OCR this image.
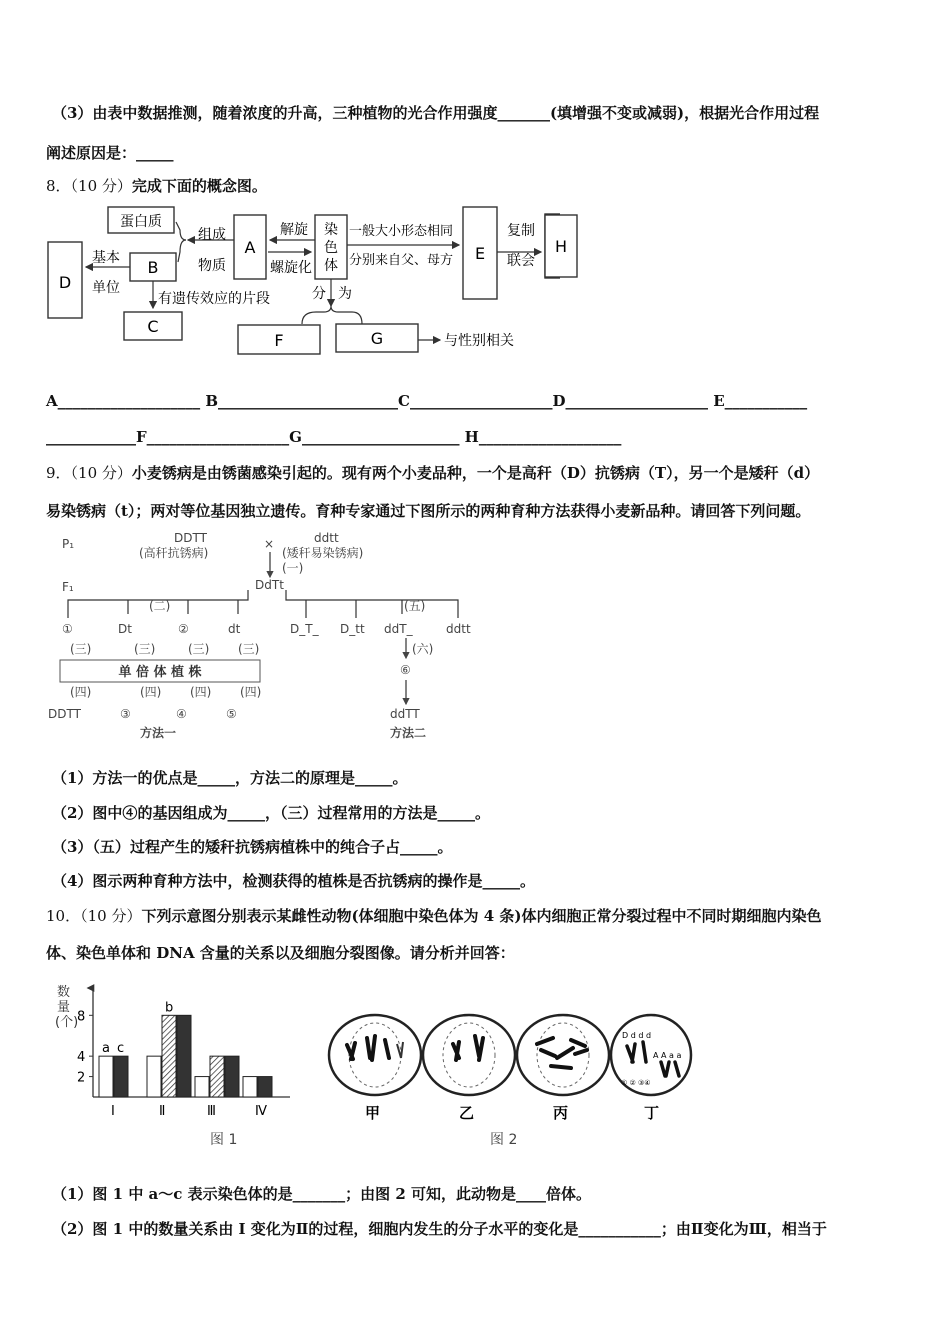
（3）由表中数据推测，随着浓度的升高，三种植物的光合作用强度_______(填增强不变或减弱)，根据光合作用过程
阐述原因是：_____
8．（10 分）完成下面的概念图。
D
蛋白质
B
C
A
染
色
体
E
F	G
组成
物质
基本
单位
有遗传效应的片段
解旋
螺旋化
一般大小形态相同
分别来自父、母方
复制
联会
分 为
与性别相关
H
A___________________ B________________________C___________________D___________________ E___________
____________F___________________G_____________________ H___________________
9．（10 分）小麦锈病是由锈菌感染引起的。现有两个小麦品种，一个是高秆（D）抗锈病（T），另一个是矮秆（d）
易染锈病（t）；两对等位基因独立遗传。育种专家通过下图所示的两种育种方法获得小麦新品种。请回答下列问题。
P₁
F₁
DDTT
(高秆抗锈病)
×	ddtt
(矮秆易染锈病)
(一)
DdTt
(二)
①	Dt	②	dt
(三)	(三)	(三) (三)
单 倍 体 植 株
(四)	(四) (四) (四)
DDTT	③	④	⑤
方法一
(五)
D_T_ D_tt ddT_	ddtt
(六)
⑥
ddTT
方法二
（1）方法一的优点是_____，方法二的原理是_____。
（2）图中④的基因组成为_____，（三）过程常用的方法是_____。
（3）（五）过程产生的矮秆抗锈病植株中的纯合子占_____。
（4）图示两种育种方法中，检测获得的植株是否抗锈病的操作是_____。
10．（10 分）下列示意图分别表示某雌性动物(体细胞中染色体为 4 条)体内细胞正常分裂过程中不同时期细胞内染色
体、染色单体和 DNA 含量的关系以及细胞分裂图像。请分析并回答：
数
量
(个)
2
4
8
a c
b
Ⅰ	Ⅱ	Ⅲ	Ⅳ
图 1
甲	乙	丙
D d d d
A A a a
① ② ③④
丁
图 2
（1）图 1 中 a～c 表示染色体的是_______；由图 2 可知，此动物是____倍体。
（2）图 1 中的数量关系由 I 变化为Ⅱ的过程，细胞内发生的分子水平的变化是___________；由Ⅱ变化为Ⅲ，相当于
